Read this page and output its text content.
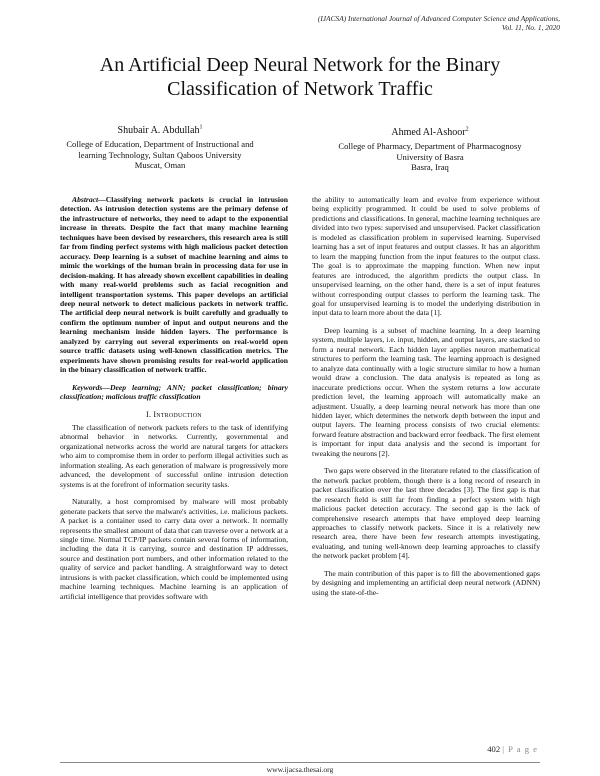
(IJACSA) International Journal of Advanced Computer Science and Applications,
Vol. 11, No. 1, 2020
An Artificial Deep Neural Network for the Binary
Classification of Network Traffic
Shubair A. Abdullah$^1$
College of Education, Department of Instructional and
learning Technology, Sultan Qaboos University
Muscat, Oman
Ahmed Al-Ashoor$^2$
College of Pharmacy, Department of Pharmacognosy
University of Basra
Basra, Iraq

Abstract—Classifying network packets is crucial in intrusion detection. As intrusion detection systems are the primary defense of the infrastructure of networks, they need to adapt to the exponential increase in threats. Despite the fact that many machine learning techniques have been devised by researchers, this research area is still far from finding perfect systems with high malicious packet detection accuracy. Deep learning is a subset of machine learning and aims to mimic the workings of the human brain in processing data for use in decision-making. It has already shown excellent capabilities in dealing with many real-world problems such as facial recognition and intelligent transportation systems. This paper develops an artificial deep neural network to detect malicious packets in network traffic. The artificial deep neural network is built carefully and gradually to confirm the optimum number of input and output neurons and the learning mechanism inside hidden layers. The performance is analyzed by carrying out several experiments on real-world open source traffic datasets using well-known classification metrics. The experiments have shown promising results for real-world application in the binary classification of network traffic.

Keywords—Deep learning; ANN; packet classification; binary classification; malicious traffic classification

I. Introduction

The classification of network packets refers to the task of identifying abnormal behavior in networks. Currently, governmental and organizational networks across the world are natural targets for attackers who aim to compromise them in order to perform illegal activities such as information stealing. As each generation of malware is progressively more advanced, the development of successful online intrusion detection systems is at the forefront of information security tasks.

Naturally, a host compromised by malware will most probably generate packets that serve the malware's activities, i.e. malicious packets. A packet is a container used to carry data over a network. It normally represents the smallest amount of data that can traverse over a network at a single time. Normal TCP/IP packets contain several forms of information, including the data it is carrying, source and destination IP addresses, source and destination port numbers, and other information related to the quality of service and packet handling. A straightforward way to detect intrusions is with packet classification, which could be implemented using machine learning techniques. Machine learning is an application of artificial intelligence that provides software with

the ability to automatically learn and evolve from experience without being explicitly programmed. It could be used to solve problems of predictions and classifications. In general, machine learning techniques are divided into two types: supervised and unsupervised. Packet classification is modeled as classification problem in supervised learning. Supervised learning has a set of input features and output classes. It has an algorithm to learn the mapping function from the input features to the output class. The goal is to approximate the mapping function. When new input features are introduced, the algorithm predicts the output class. In unsupervised learning, on the other hand, there is a set of input features without corresponding output classes to perform the learning task. The goal for unsupervised learning is to model the underlying distribution in input data to learn more about the data [1].

Deep learning is a subset of machine learning. In a deep learning system, multiple layers, i.e. input, hidden, and output layers, are stacked to form a neural network. Each hidden layer applies neuron mathematical structures to perform the learning task. The learning approach is designed to analyze data continually with a logic structure similar to how a human would draw a conclusion. The data analysis is repeated as long as inaccurate predictions occur. When the system returns a low accurate prediction level, the learning approach will automatically make an adjustment. Usually, a deep learning neural network has more than one hidden layer, which determines the network depth between the input and output layers. The learning process consists of two crucial elements: forward feature abstraction and backward error feedback. The first element is important for input data analysis and the second is important for tweaking the neurons [2].

Two gaps were observed in the literature related to the classification of the network packet problem, though there is a long record of research in packet classification over the last three decades [3]. The first gap is that the research field is still far from finding a perfect system with high malicious packet detection accuracy. The second gap is the lack of comprehensive research attempts that have employed deep learning approaches to classify network packets. Since it is a relatively new research area, there have been few research attempts investigating, evaluating, and tuning well-known deep learning approaches to classify the network packet problem [4].

The main contribution of this paper is to fill the abovementioned gaps by designing and implementing an artificial deep neural network (ADNN) using the state-of-the-

402 | P a g e
www.ijacsa.thesai.org
